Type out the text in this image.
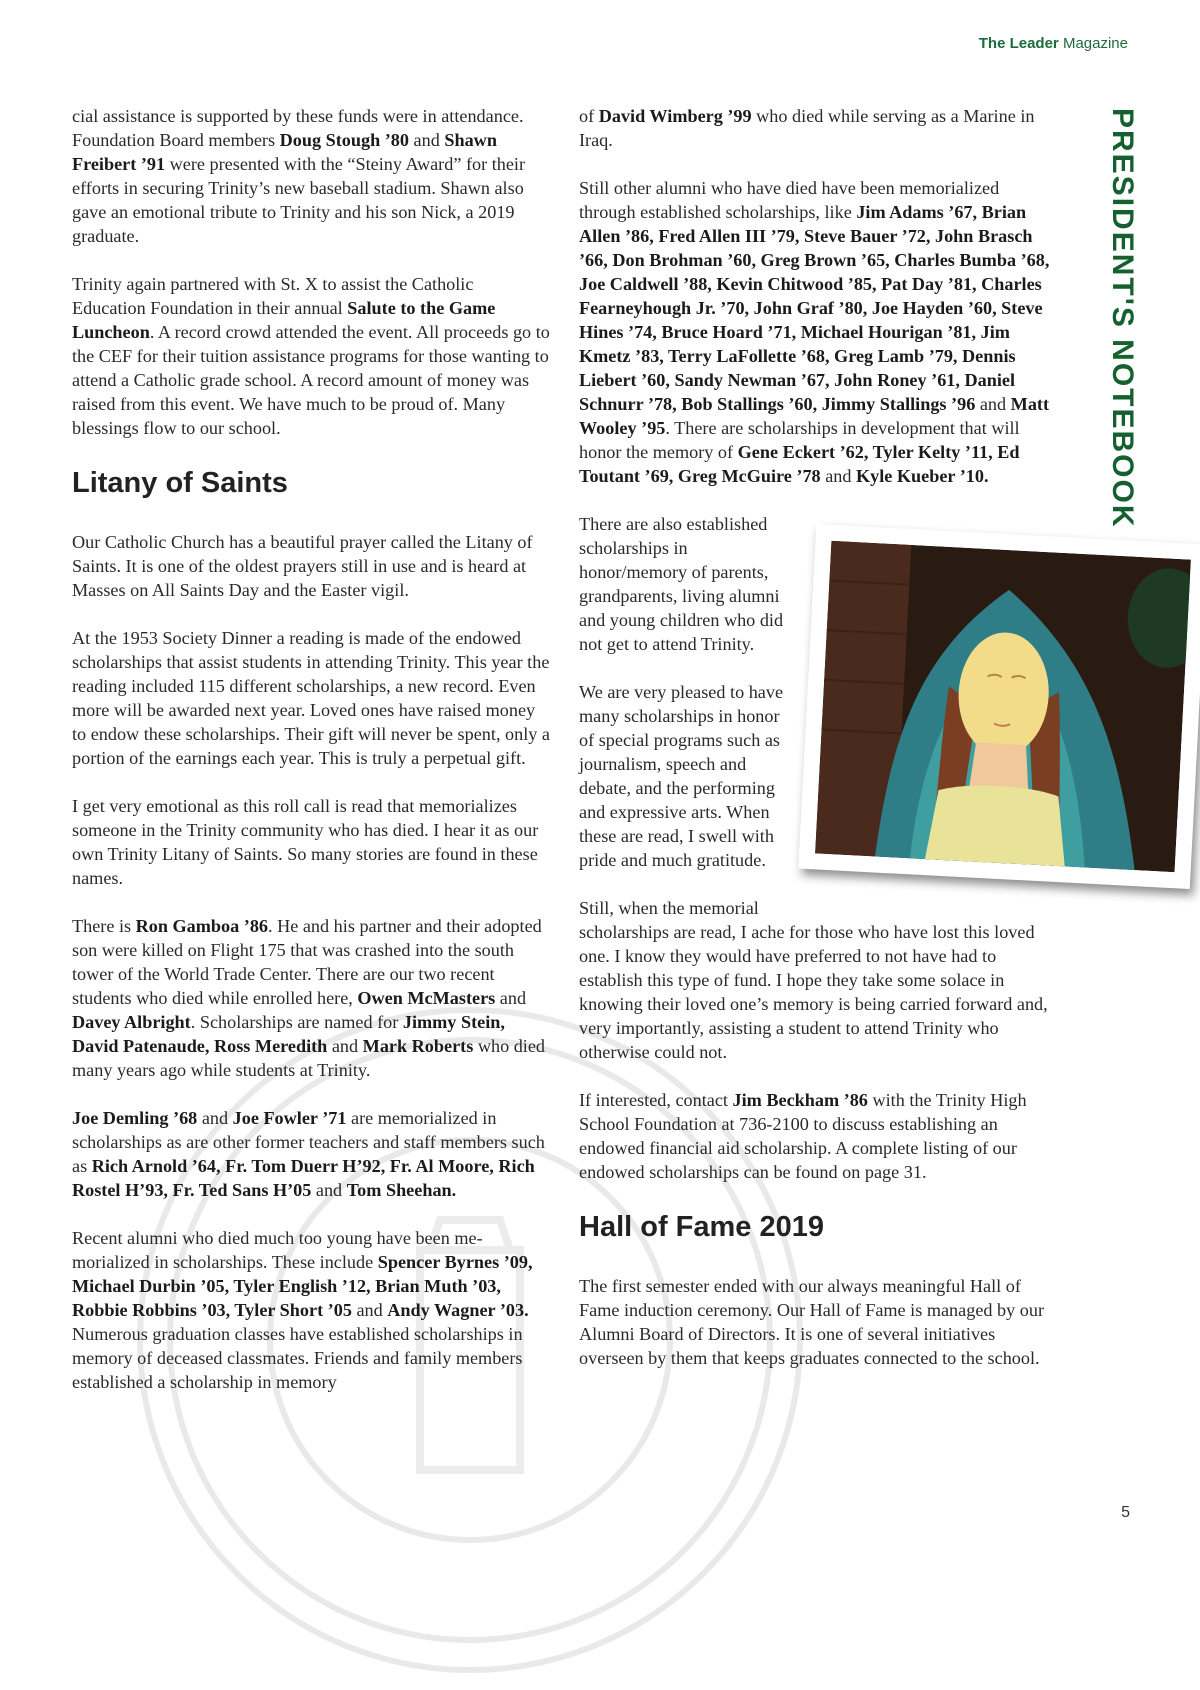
The Leader Magazine
PRESIDENT'S NOTEBOOK

cial assistance is supported by these funds were in attendance. Foundation Board members Doug Stough ’80 and Shawn Freibert ’91 were presented with the “Steiny Award” for their efforts in securing Trinity’s new baseball stadium. Shawn also gave an emotional tribute to Trinity and his son Nick, a 2019 graduate.

Trinity again partnered with St. X to assist the Catholic Education Foundation in their annual Salute to the Game Luncheon. A record crowd attended the event. All proceeds go to the CEF for their tuition assistance programs for those wanting to attend a Catholic grade school. A record amount of money was raised from this event. We have much to be proud of. Many blessings flow to our school.

Litany of Saints

Our Catholic Church has a beautiful prayer called the Litany of Saints. It is one of the oldest prayers still in use and is heard at Masses on All Saints Day and the Easter vigil.

At the 1953 Society Dinner a reading is made of the endowed scholarships that assist students in attending Trinity. This year the reading included 115 different scholarships, a new record. Even more will be awarded next year. Loved ones have raised money to endow these scholarships. Their gift will never be spent, only a portion of the earnings each year. This is truly a perpetual gift.

I get very emotional as this roll call is read that memorializes someone in the Trinity community who has died. I hear it as our own Trinity Litany of Saints. So many stories are found in these names.

There is Ron Gamboa ’86. He and his partner and their adopted son were killed on Flight 175 that was crashed into the south tower of the World Trade Center. There are our two recent students who died while enrolled here, Owen McMasters and Davey Albright. Scholarships are named for Jimmy Stein, David Patenaude, Ross Meredith and Mark Roberts who died many years ago while students at Trinity.

Joe Demling ’68 and Joe Fowler ’71 are memorialized in scholarships as are other former teachers and staff members such as Rich Arnold ’64, Fr. Tom Duerr H’92, Fr. Al Moore, Rich Rostel H’93, Fr. Ted Sans H’05 and Tom Sheehan.

Recent alumni who died much too young have been memorialized in scholarships. These include Spencer Byrnes ’09, Michael Durbin ’05, Tyler English ’12, Brian Muth ’03, Robbie Robbins ’03, Tyler Short ’05 and Andy Wagner ’03. Numerous graduation classes have established scholarships in memory of deceased classmates. Friends and family members established a scholarship in memory

of David Wimberg ’99 who died while serving as a Marine in Iraq.

Still other alumni who have died have been memorialized through established scholarships, like Jim Adams ’67, Brian Allen ’86, Fred Allen III ’79, Steve Bauer ’72, John Brasch ’66, Don Brohman ’60, Greg Brown ’65, Charles Bumba ’68, Joe Caldwell ’88, Kevin Chitwood ’85, Pat Day ’81, Charles Fearneyhough Jr. ’70, John Graf ’80, Joe Hayden ’60, Steve Hines ’74, Bruce Hoard ’71, Michael Hourigan ’81, Jim Kmetz ’83, Terry LaFollette ’68, Greg Lamb ’79, Dennis Liebert ’60, Sandy Newman ’67, John Roney ’61, Daniel Schnurr ’78, Bob Stallings ’60, Jimmy Stallings ’96 and Matt Wooley ’95. There are scholarships in development that will honor the memory of Gene Eckert ’62, Tyler Kelty ’11, Ed Toutant ’69, Greg McGuire ’78 and Kyle Kueber ’10.

There are also established scholarships in honor/memory of parents, grandparents, living alumni and young children who did not get to attend Trinity.

We are very pleased to have many scholarships in honor of special programs such as journalism, speech and debate, and the performing and expressive arts. When these are read, I swell with pride and much gratitude.

Still, when the memorial scholarships are read, I ache for those who have lost this loved one. I know they would have preferred to not have had to establish this type of fund. I hope they take some solace in knowing their loved one’s memory is being carried forward and, very importantly, assisting a student to attend Trinity who otherwise could not.

If interested, contact Jim Beckham ’86 with the Trinity High School Foundation at 736-2100 to discuss establishing an endowed financial aid scholarship. A complete listing of our endowed scholarships can be found on page 31.

Hall of Fame 2019

The first semester ended with our always meaningful Hall of Fame induction ceremony. Our Hall of Fame is managed by our Alumni Board of Directors. It is one of several initiatives overseen by them that keeps graduates connected to the school.

5
